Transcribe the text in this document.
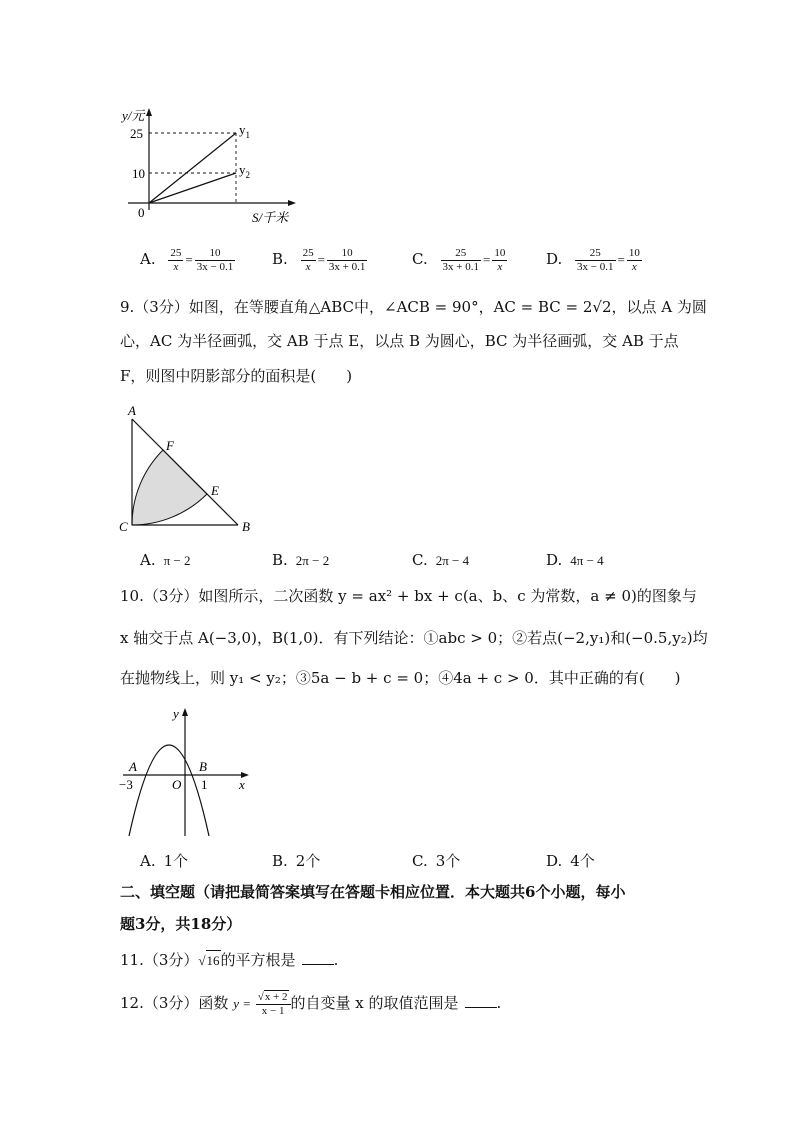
y/元
25
10
0
$y_1$
$y_2$
S/千米
A. $\frac{25}{x} = \frac{10}{3x - 0.1} B$. $\frac{25}{x} = \frac{10}{3x + 0.1}$	C. $\frac{25}{3x + 0.1} = \frac{10}{x}$	D. $\frac{25}{3x - 0.1} = \frac{10}{x}$
9.（3分）如图，在等腰直角△ABC中，∠ACB = 90°，AC = BC = 2√2，以点 A 为圆
心，AC 为半径画弧，交 AB 于点 E，以点 B 为圆心，BC 为半径画弧，交 AB 于点
F，则图中阴影部分的面积是(　　)
A
F
E
C	B
A. π − 2	B. 2π − 2	C. 2π − 4	D. 4π − 4
10.（3分）如图所示，二次函数 y = ax² + bx + c(a、b、c 为常数，a ≠ 0)的图象与
x 轴交于点 A(−3,0)，B(1,0)．有下列结论：①abc > 0；②若点(−2,y₁)和(−0.5,y₂)均
在抛物线上，则 y₁ < y₂；③5a − b + c = 0；④4a + c > 0．其中正确的有(　　)
y
x
A	B
−3	O 1
A. 1个	B. 2个	C. 3个	D. 4个
二、填空题（请把最简答案填写在答题卡相应位置．本大题共6个小题，每小
题3分，共18分）
11.（3分）√16的平方根是	.
12.（3分）函数 $y = \frac{√x + 2}{x - 1}$ 的自变量 x 的取值范围是	.
